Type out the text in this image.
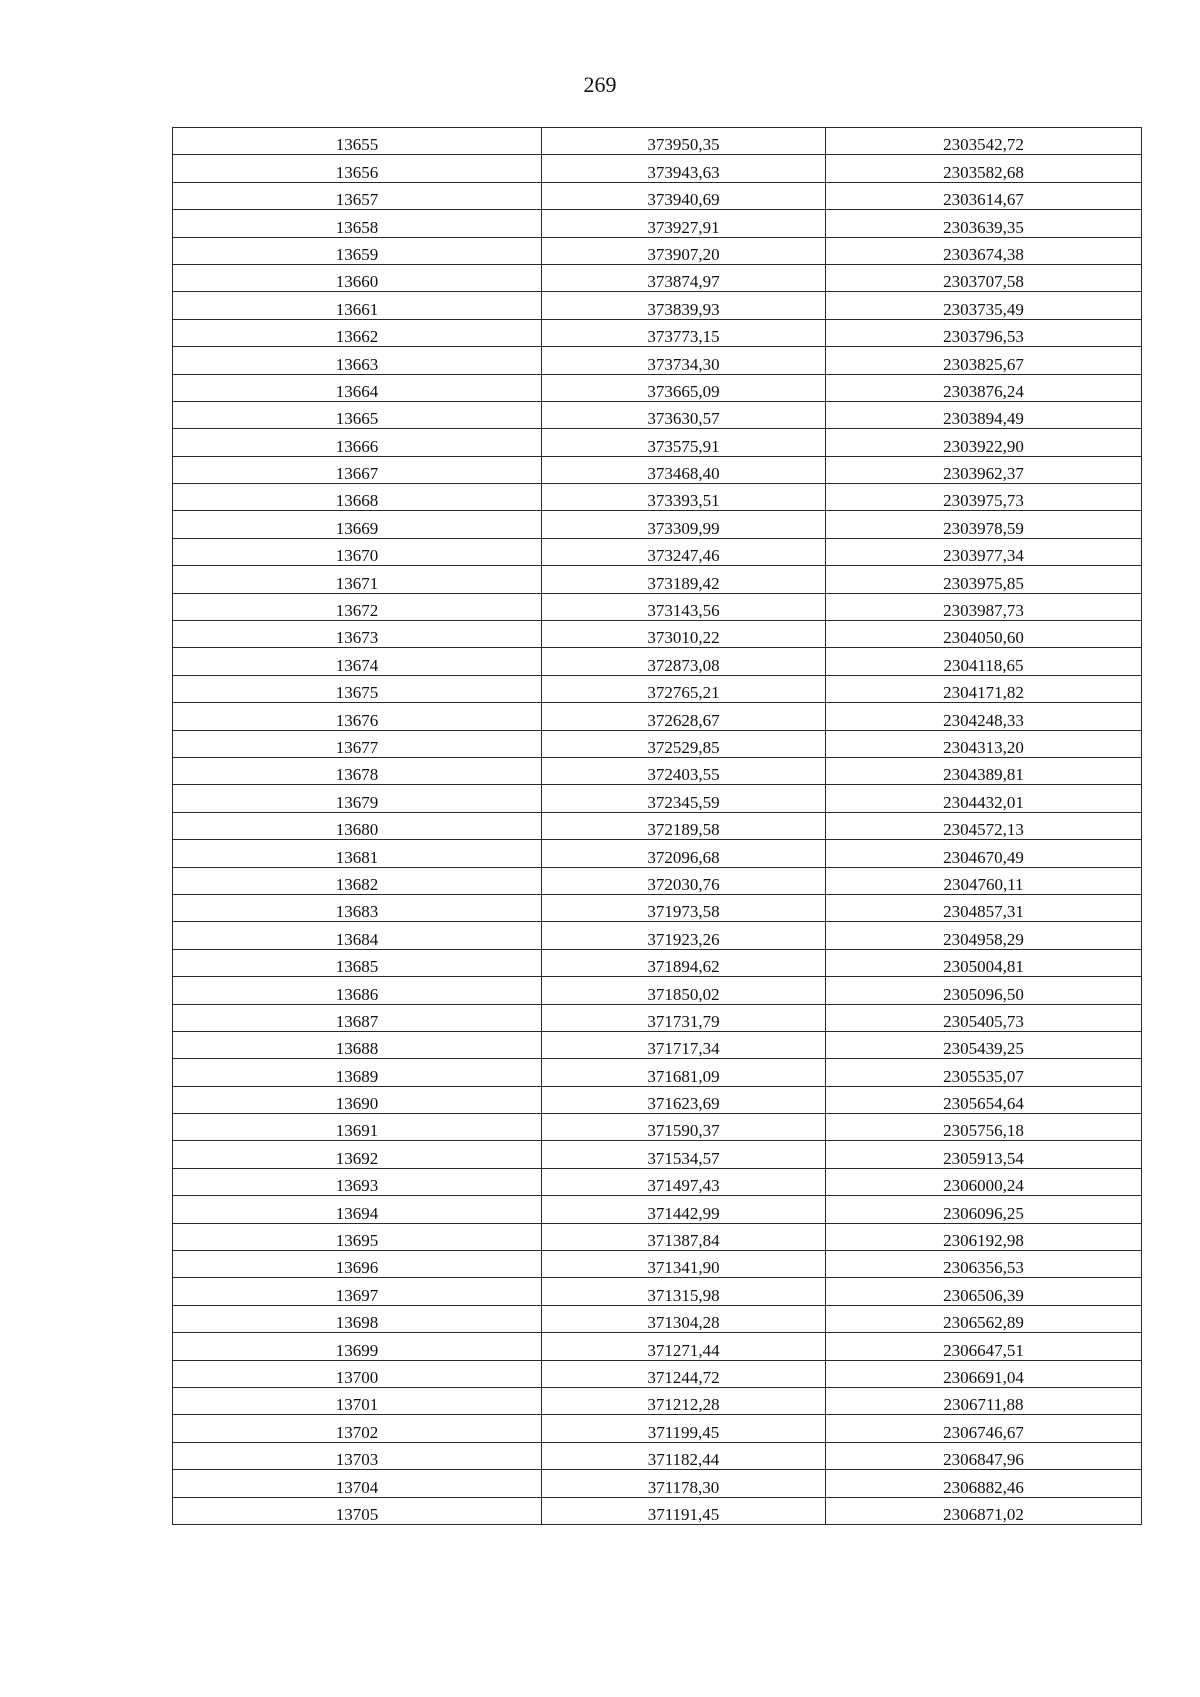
269
13655	373950,35	2303542,72
13656	373943,63	2303582,68
13657	373940,69	2303614,67
13658	373927,91	2303639,35
13659	373907,20	2303674,38
13660	373874,97	2303707,58
13661	373839,93	2303735,49
13662	373773,15	2303796,53
13663	373734,30	2303825,67
13664	373665,09	2303876,24
13665	373630,57	2303894,49
13666	373575,91	2303922,90
13667	373468,40	2303962,37
13668	373393,51	2303975,73
13669	373309,99	2303978,59
13670	373247,46	2303977,34
13671	373189,42	2303975,85
13672	373143,56	2303987,73
13673	373010,22	2304050,60
13674	372873,08	2304118,65
13675	372765,21	2304171,82
13676	372628,67	2304248,33
13677	372529,85	2304313,20
13678	372403,55	2304389,81
13679	372345,59	2304432,01
13680	372189,58	2304572,13
13681	372096,68	2304670,49
13682	372030,76	2304760,11
13683	371973,58	2304857,31
13684	371923,26	2304958,29
13685	371894,62	2305004,81
13686	371850,02	2305096,50
13687	371731,79	2305405,73
13688	371717,34	2305439,25
13689	371681,09	2305535,07
13690	371623,69	2305654,64
13691	371590,37	2305756,18
13692	371534,57	2305913,54
13693	371497,43	2306000,24
13694	371442,99	2306096,25
13695	371387,84	2306192,98
13696	371341,90	2306356,53
13697	371315,98	2306506,39
13698	371304,28	2306562,89
13699	371271,44	2306647,51
13700	371244,72	2306691,04
13701	371212,28	2306711,88
13702	371199,45	2306746,67
13703	371182,44	2306847,96
13704	371178,30	2306882,46
13705	371191,45	2306871,02
